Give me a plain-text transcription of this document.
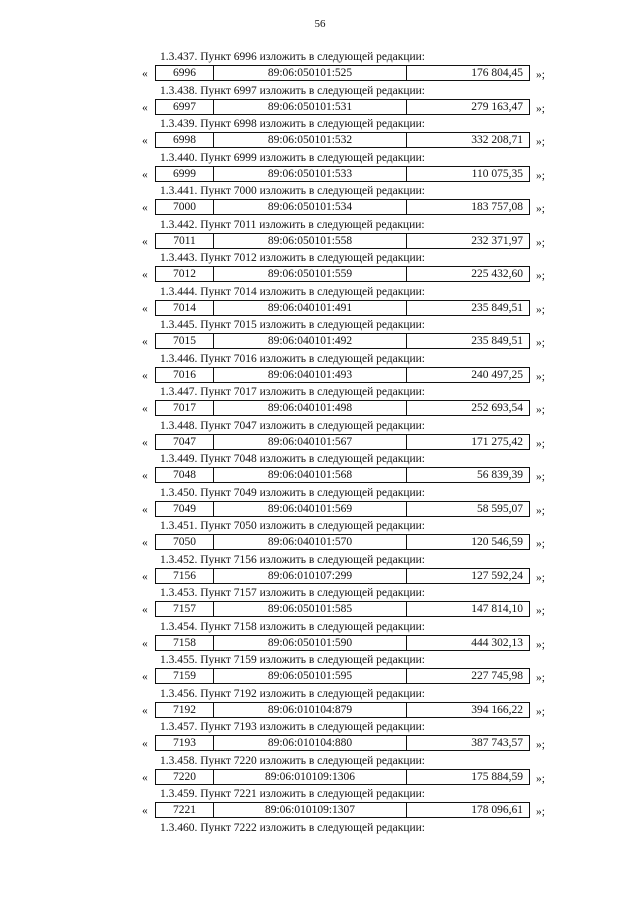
56
1.3.437. Пункт 6996 изложить в следующей редакции:
«	6996	89:06:050101:525	176 804,45	»;
1.3.438. Пункт 6997 изложить в следующей редакции:
«	6997	89:06:050101:531	279 163,47	»;
1.3.439. Пункт 6998 изложить в следующей редакции:
«	6998	89:06:050101:532	332 208,71	»;
1.3.440. Пункт 6999 изложить в следующей редакции:
«	6999	89:06:050101:533	110 075,35	»;
1.3.441. Пункт 7000 изложить в следующей редакции:
«	7000	89:06:050101:534	183 757,08	»;
1.3.442. Пункт 7011 изложить в следующей редакции:
«	7011	89:06:050101:558	232 371,97	»;
1.3.443. Пункт 7012 изложить в следующей редакции:
«	7012	89:06:050101:559	225 432,60	»;
1.3.444. Пункт 7014 изложить в следующей редакции:
«	7014	89:06:040101:491	235 849,51	»;
1.3.445. Пункт 7015 изложить в следующей редакции:
«	7015	89:06:040101:492	235 849,51	»;
1.3.446. Пункт 7016 изложить в следующей редакции:
«	7016	89:06:040101:493	240 497,25	»;
1.3.447. Пункт 7017 изложить в следующей редакции:
«	7017	89:06:040101:498	252 693,54	»;
1.3.448. Пункт 7047 изложить в следующей редакции:
«	7047	89:06:040101:567	171 275,42	»;
1.3.449. Пункт 7048 изложить в следующей редакции:
«	7048	89:06:040101:568	56 839,39	»;
1.3.450. Пункт 7049 изложить в следующей редакции:
«	7049	89:06:040101:569	58 595,07	»;
1.3.451. Пункт 7050 изложить в следующей редакции:
«	7050	89:06:040101:570	120 546,59	»;
1.3.452. Пункт 7156 изложить в следующей редакции:
«	7156	89:06:010107:299	127 592,24	»;
1.3.453. Пункт 7157 изложить в следующей редакции:
«	7157	89:06:050101:585	147 814,10	»;
1.3.454. Пункт 7158 изложить в следующей редакции:
«	7158	89:06:050101:590	444 302,13	»;
1.3.455. Пункт 7159 изложить в следующей редакции:
«	7159	89:06:050101:595	227 745,98	»;
1.3.456. Пункт 7192 изложить в следующей редакции:
«	7192	89:06:010104:879	394 166,22	»;
1.3.457. Пункт 7193 изложить в следующей редакции:
«	7193	89:06:010104:880	387 743,57	»;
1.3.458. Пункт 7220 изложить в следующей редакции:
«	7220	89:06:010109:1306	175 884,59	»;
1.3.459. Пункт 7221 изложить в следующей редакции:
«	7221	89:06:010109:1307	178 096,61	»;
1.3.460. Пункт 7222 изложить в следующей редакции:
